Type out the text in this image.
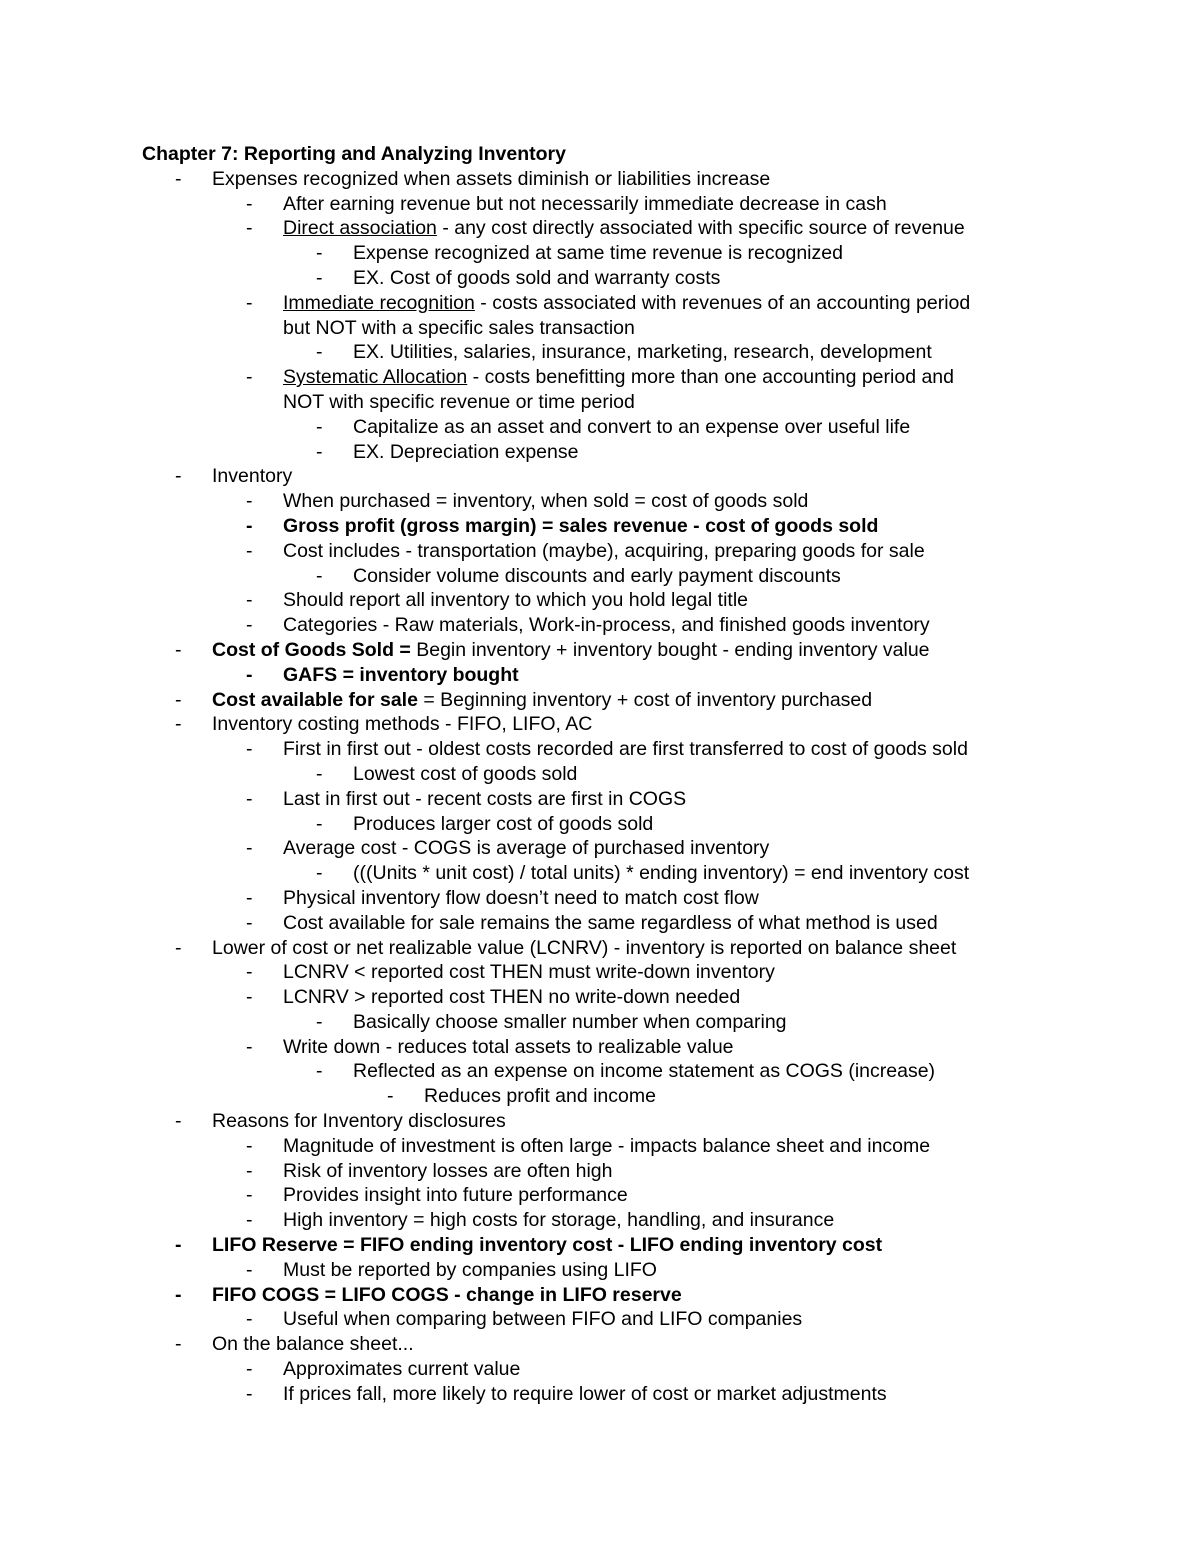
Chapter 7: Reporting and Analyzing Inventory
- Expenses recognized when assets diminish or liabilities increase
- After earning revenue but not necessarily immediate decrease in cash
- Direct association - any cost directly associated with specific source of revenue
- Expense recognized at same time revenue is recognized
- EX. Cost of goods sold and warranty costs
- Immediate recognition - costs associated with revenues of an accounting period
but NOT with a specific sales transaction
- EX. Utilities, salaries, insurance, marketing, research, development
- Systematic Allocation - costs benefitting more than one accounting period and
NOT with specific revenue or time period
- Capitalize as an asset and convert to an expense over useful life
- EX. Depreciation expense
- Inventory
- When purchased = inventory, when sold = cost of goods sold
- Gross profit (gross margin) = sales revenue - cost of goods sold
- Cost includes - transportation (maybe), acquiring, preparing goods for sale
- Consider volume discounts and early payment discounts
- Should report all inventory to which you hold legal title
- Categories - Raw materials, Work-in-process, and finished goods inventory
- Cost of Goods Sold = Begin inventory + inventory bought - ending inventory value
- GAFS = inventory bought
- Cost available for sale = Beginning inventory + cost of inventory purchased
- Inventory costing methods - FIFO, LIFO, AC
- First in first out - oldest costs recorded are first transferred to cost of goods sold
- Lowest cost of goods sold
- Last in first out - recent costs are first in COGS
- Produces larger cost of goods sold
- Average cost - COGS is average of purchased inventory
- (((Units * unit cost) / total units) * ending inventory) = end inventory cost
- Physical inventory flow doesn’t need to match cost flow
- Cost available for sale remains the same regardless of what method is used
- Lower of cost or net realizable value (LCNRV) - inventory is reported on balance sheet
- LCNRV < reported cost THEN must write-down inventory
- LCNRV > reported cost THEN no write-down needed
- Basically choose smaller number when comparing
- Write down - reduces total assets to realizable value
- Reflected as an expense on income statement as COGS (increase)
- Reduces profit and income
- Reasons for Inventory disclosures
- Magnitude of investment is often large - impacts balance sheet and income
- Risk of inventory losses are often high
- Provides insight into future performance
- High inventory = high costs for storage, handling, and insurance
- LIFO Reserve = FIFO ending inventory cost - LIFO ending inventory cost
- Must be reported by companies using LIFO
- FIFO COGS = LIFO COGS - change in LIFO reserve
- Useful when comparing between FIFO and LIFO companies
- On the balance sheet...
- Approximates current value
- If prices fall, more likely to require lower of cost or market adjustments
